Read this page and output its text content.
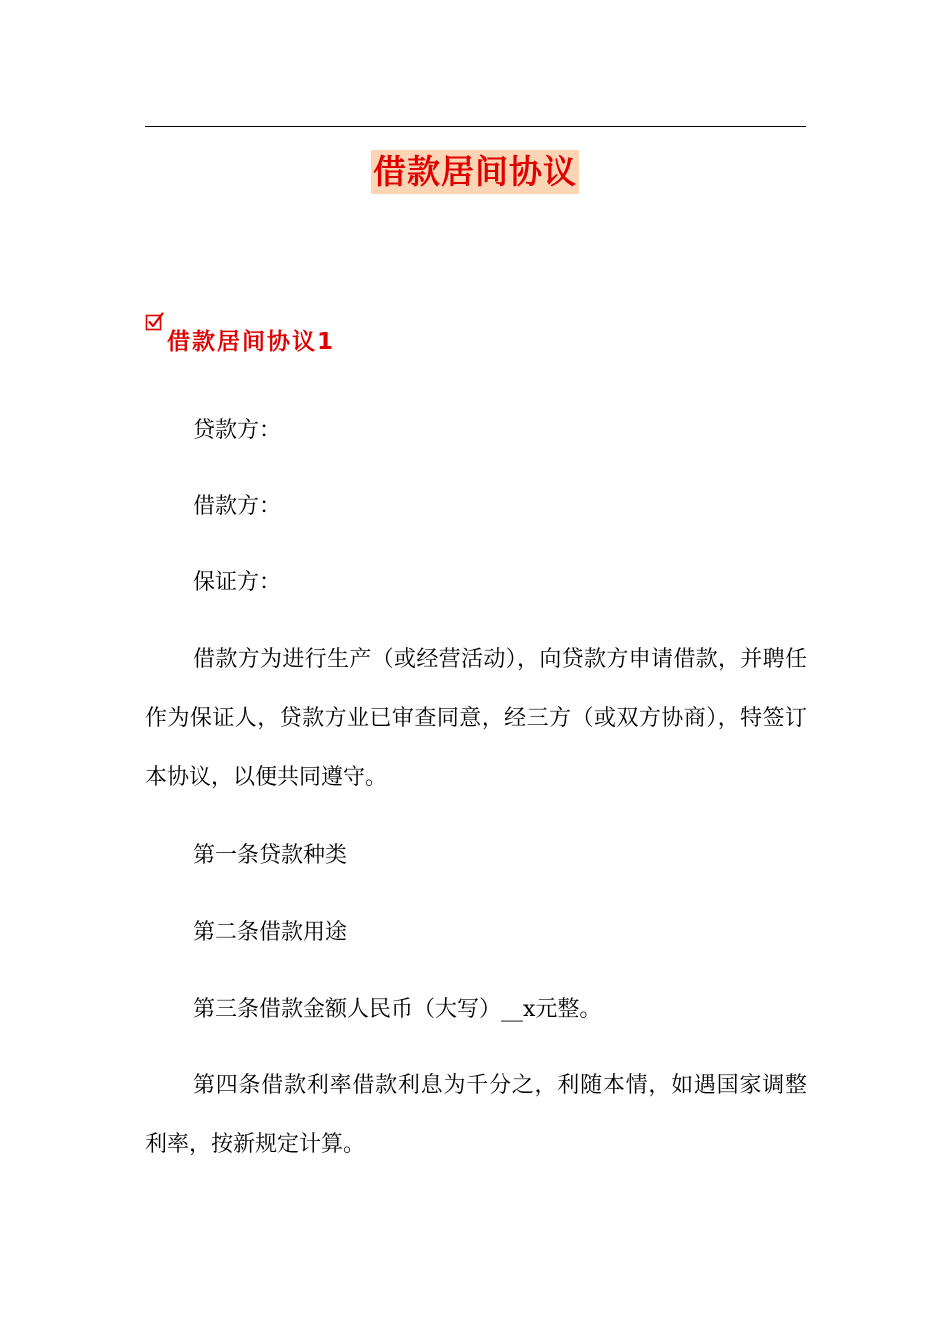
借款居间协议
借款居间协议1

贷款方：

借款方：

保证方：

借款方为进行生产（或经营活动），向贷款方申请借款，并聘任作为保证人，贷款方业已审查同意，经三方（或双方协商），特签订本协议，以便共同遵守。

第一条贷款种类

第二条借款用途

第三条借款金额人民币（大写）__x元整。

第四条借款利率借款利息为千分之，利随本情，如遇国家调整利率，按新规定计算。
